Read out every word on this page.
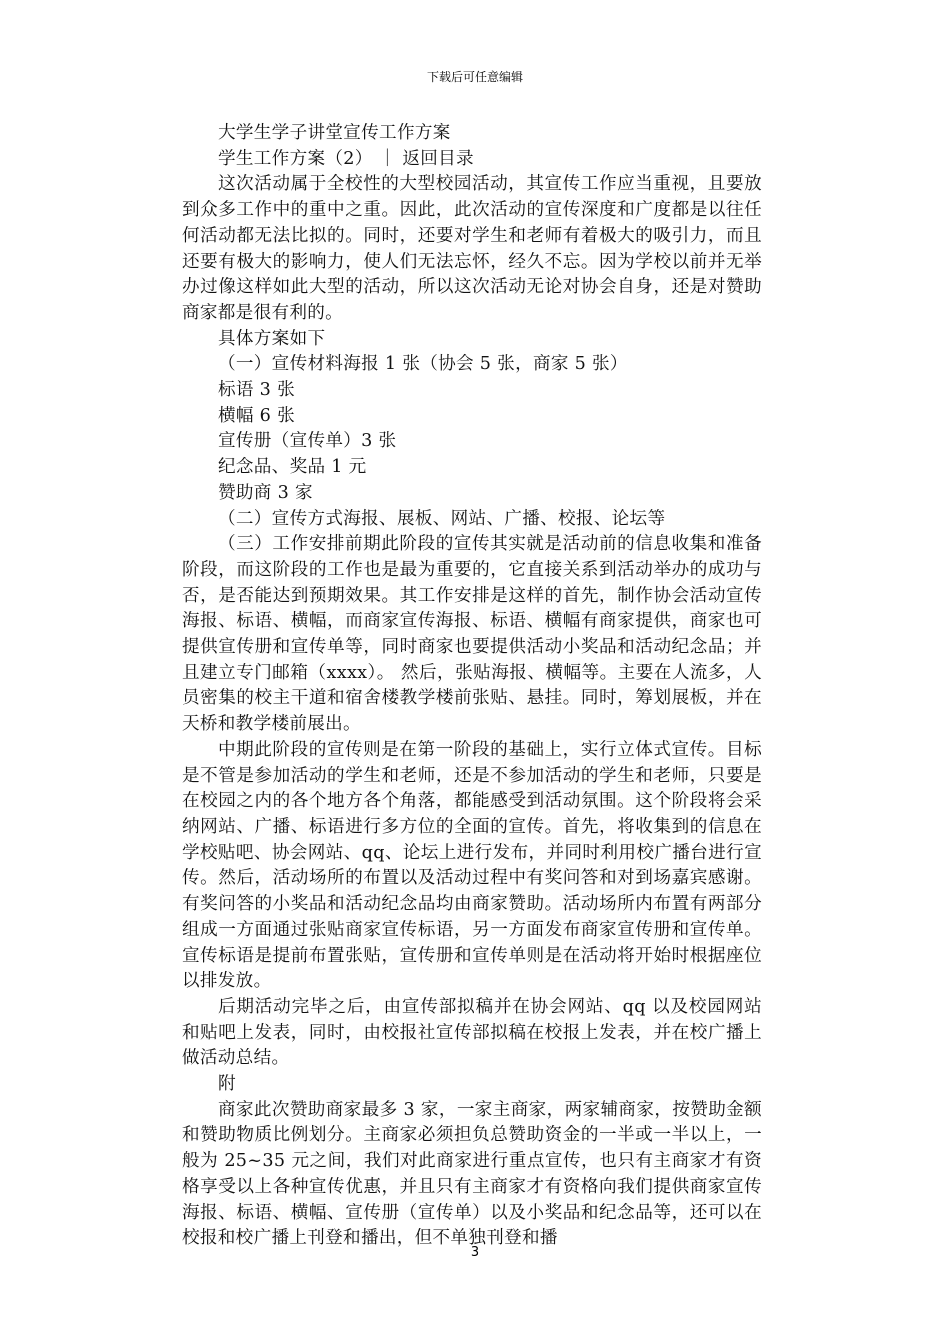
下载后可任意编辑

大学生学子讲堂宣传工作方案

学生工作方案（2） ｜ 返回目录

这次活动属于全校性的大型校园活动，其宣传工作应当重视，且要放到众多工作中的重中之重。因此，此次活动的宣传深度和广度都是以往任何活动都无法比拟的。同时，还要对学生和老师有着极大的吸引力，而且还要有极大的影响力，使人们无法忘怀，经久不忘。因为学校以前并无举办过像这样如此大型的活动，所以这次活动无论对协会自身，还是对赞助商家都是很有利的。

具体方案如下

（一）宣传材料海报 1 张（协会 5 张，商家 5 张）

标语 3 张

横幅 6 张

宣传册（宣传单）3 张

纪念品、奖品 1 元

赞助商 3 家

（二）宣传方式海报、展板、网站、广播、校报、论坛等

（三）工作安排前期此阶段的宣传其实就是活动前的信息收集和准备阶段，而这阶段的工作也是最为重要的，它直接关系到活动举办的成功与否，是否能达到预期效果。其工作安排是这样的首先，制作协会活动宣传海报、标语、横幅，而商家宣传海报、标语、横幅有商家提供，商家也可提供宣传册和宣传单等，同时商家也要提供活动小奖品和活动纪念品；并且建立专门邮箱（xxxx）。 然后，张贴海报、横幅等。主要在人流多，人员密集的校主干道和宿舍楼教学楼前张贴、悬挂。同时，筹划展板，并在天桥和教学楼前展出。

中期此阶段的宣传则是在第一阶段的基础上，实行立体式宣传。目标是不管是参加活动的学生和老师，还是不参加活动的学生和老师，只要是在校园之内的各个地方各个角落，都能感受到活动氛围。这个阶段将会采纳网站、广播、标语进行多方位的全面的宣传。首先，将收集到的信息在学校贴吧、协会网站、qq、论坛上进行发布，并同时利用校广播台进行宣传。然后，活动场所的布置以及活动过程中有奖问答和对到场嘉宾感谢。有奖问答的小奖品和活动纪念品均由商家赞助。活动场所内布置有两部分组成一方面通过张贴商家宣传标语，另一方面发布商家宣传册和宣传单。宣传标语是提前布置张贴，宣传册和宣传单则是在活动将开始时根据座位以排发放。

后期活动完毕之后，由宣传部拟稿并在协会网站、qq 以及校园网站和贴吧上发表，同时，由校报社宣传部拟稿在校报上发表，并在校广播上做活动总结。

附

商家此次赞助商家最多 3 家，一家主商家，两家辅商家，按赞助金额和赞助物质比例划分。主商家必须担负总赞助资金的一半或一半以上，一般为 25~35 元之间，我们对此商家进行重点宣传，也只有主商家才有资格享受以上各种宣传优惠，并且只有主商家才有资格向我们提供商家宣传海报、标语、横幅、宣传册（宣传单）以及小奖品和纪念品等，还可以在校报和校广播上刊登和播出，但不单独刊登和播

3
